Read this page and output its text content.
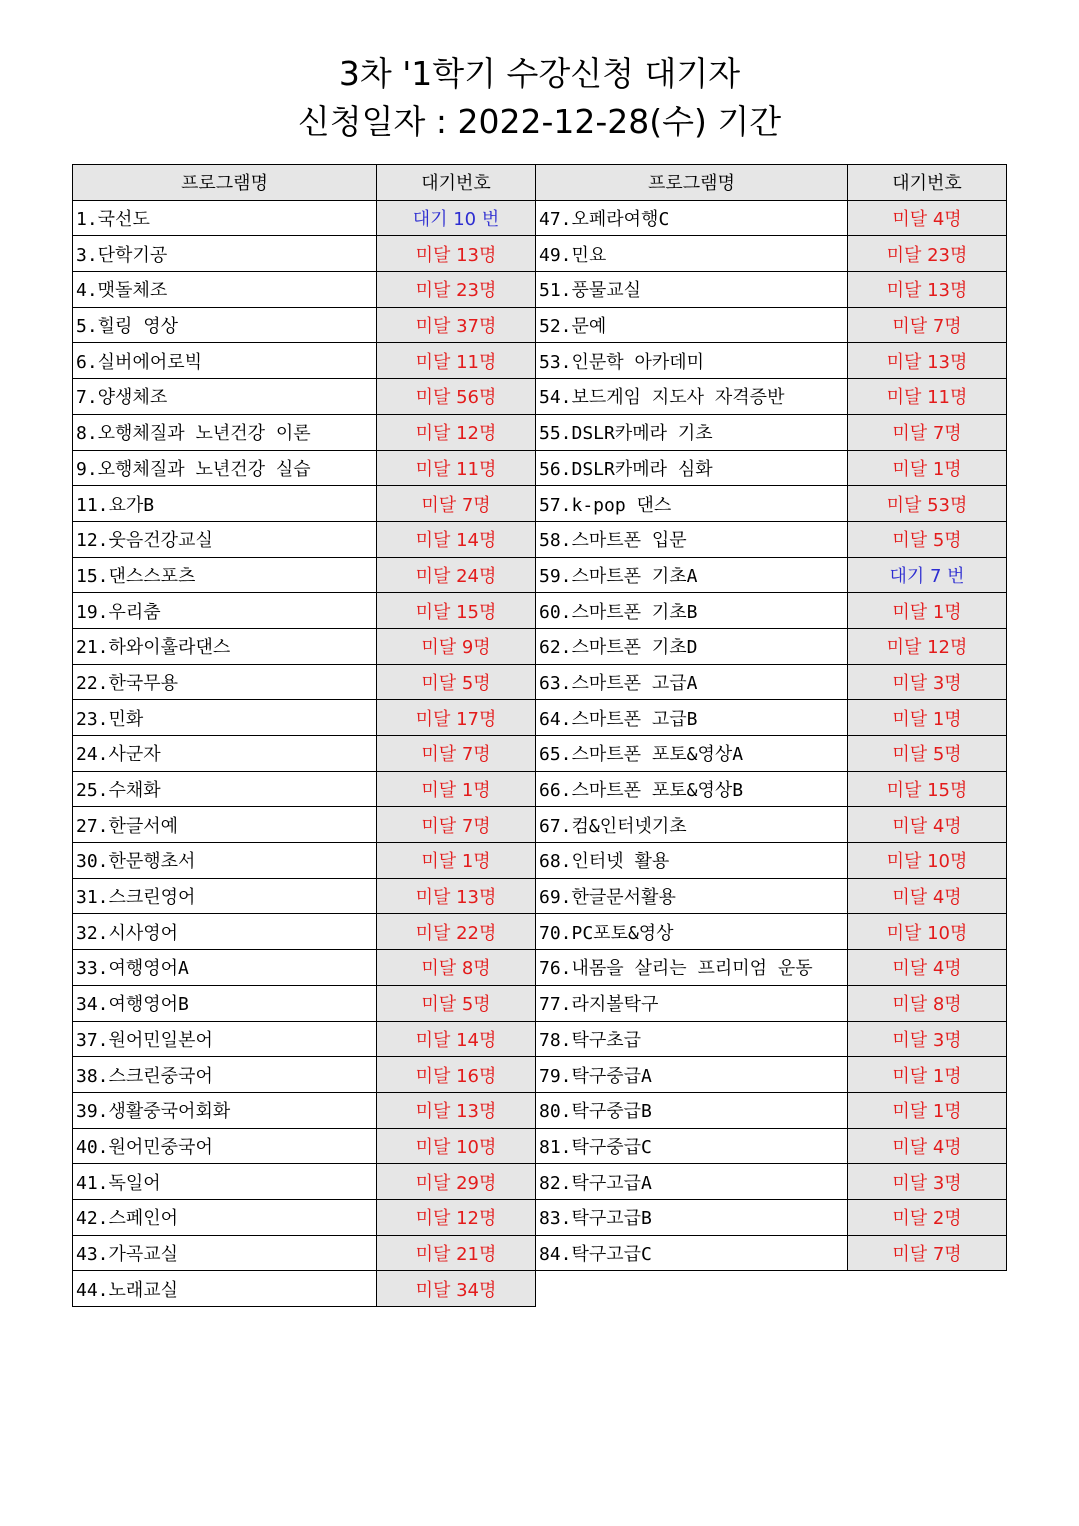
3차 '1학기 수강신청 대기자
신청일자 : 2022-12-28(수) 기간
프로그램명	대기번호
1.국선도	대기 10 번
3.단학기공	미달 13명
4.맷돌체조	미달 23명
5.힐링 영상	미달 37명
6.실버에어로빅	미달 11명
7.양생체조	미달 56명
8.오행체질과 노년건강 이론	미달 12명
9.오행체질과 노년건강 실습	미달 11명
11.요가B	미달 7명
12.웃음건강교실	미달 14명
15.댄스스포츠	미달 24명
19.우리춤	미달 15명
21.하와이훌라댄스	미달 9명
22.한국무용	미달 5명
23.민화	미달 17명
24.사군자	미달 7명
25.수채화	미달 1명
27.한글서예	미달 7명
30.한문행초서	미달 1명
31.스크린영어	미달 13명
32.시사영어	미달 22명
33.여행영어A	미달 8명
34.여행영어B	미달 5명
37.원어민일본어	미달 14명
38.스크린중국어	미달 16명
39.생활중국어회화	미달 13명
40.원어민중국어	미달 10명
41.독일어	미달 29명
42.스페인어	미달 12명
43.가곡교실	미달 21명
44.노래교실	미달 34명
프로그램명	대기번호
47.오페라여행C	미달 4명
49.민요	미달 23명
51.풍물교실	미달 13명
52.문예	미달 7명
53.인문학 아카데미	미달 13명
54.보드게임 지도사 자격증반	미달 11명
55.DSLR카메라 기초	미달 7명
56.DSLR카메라 심화	미달 1명
57.k-pop 댄스	미달 53명
58.스마트폰 입문	미달 5명
59.스마트폰 기초A	대기 7 번
60.스마트폰 기초B	미달 1명
62.스마트폰 기초D	미달 12명
63.스마트폰 고급A	미달 3명
64.스마트폰 고급B	미달 1명
65.스마트폰 포토&영상A	미달 5명
66.스마트폰 포토&영상B	미달 15명
67.컴&인터넷기초	미달 4명
68.인터넷 활용	미달 10명
69.한글문서활용	미달 4명
70.PC포토&영상	미달 10명
76.내몸을 살리는 프리미엄 운동	미달 4명
77.라지볼탁구	미달 8명
78.탁구초급	미달 3명
79.탁구중급A	미달 1명
80.탁구중급B	미달 1명
81.탁구중급C	미달 4명
82.탁구고급A	미달 3명
83.탁구고급B	미달 2명
84.탁구고급C	미달 7명
